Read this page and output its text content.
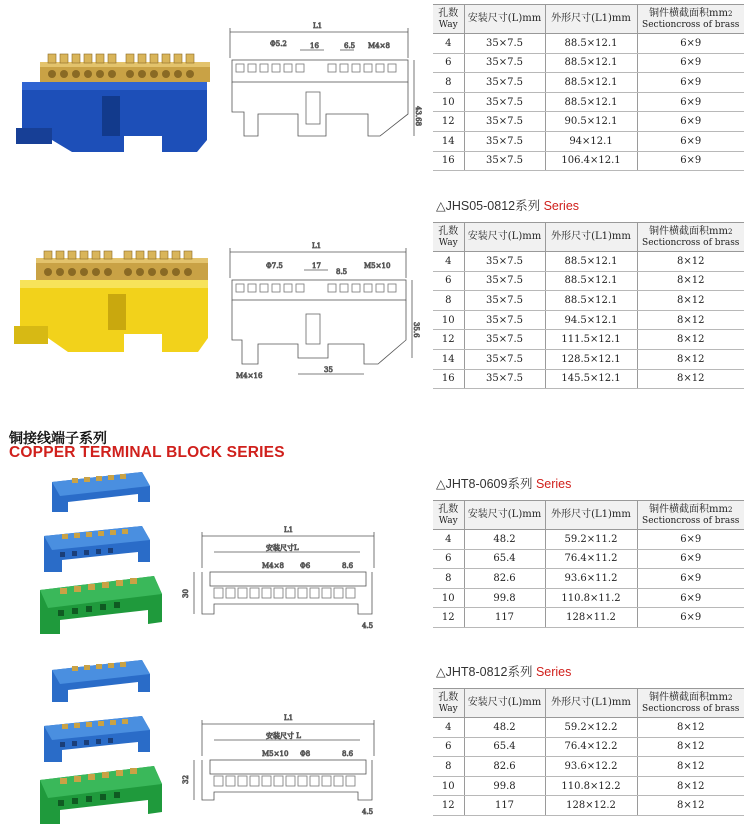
L1
Φ5.2	16	6.5 M4×8
43.68
L1
Φ7.5	17
8.5
M5×10
35.6
M4×16
35
L1
安装尺寸L
M4×8 Φ6	8.6
30
4.5
L1
安装尺寸 L
M5×10 Φ8	8.6
32
4.5
铜接线端子系列
COPPER TERMINAL BLOCK SERIES
△JHS05-0812系列 Series
△JHT8-0609系列 Series
△JHT8-0812系列 Series
孔数
Way	安装尺寸(L)mm	外形尺寸(L1)mm	铜件横截面积$mm^2$
Sectioncross of brass

4	35×7.5	88.5×12.1	6×9
6	35×7.5	88.5×12.1	6×9
8	35×7.5	88.5×12.1	6×9
10	35×7.5	88.5×12.1	6×9
12	35×7.5	90.5×12.1	6×9
14	35×7.5	94×12.1	6×9
16	35×7.5	106.4×12.1	6×9
孔数
Way	安装尺寸(L)mm	外形尺寸(L1)mm	铜件横截面积$mm^2$
Sectioncross of brass

4	35×7.5	88.5×12.1	8×12
6	35×7.5	88.5×12.1	8×12
8	35×7.5	88.5×12.1	8×12
10	35×7.5	94.5×12.1	8×12
12	35×7.5	111.5×12.1	8×12
14	35×7.5	128.5×12.1	8×12
16	35×7.5	145.5×12.1	8×12
孔数
Way	安装尺寸(L)mm	外形尺寸(L1)mm	铜件横截面积$mm^2$
Sectioncross of brass

4	48.2	59.2×11.2	6×9
6	65.4	76.4×11.2	6×9
8	82.6	93.6×11.2	6×9
10	99.8	110.8×11.2	6×9
12	117	128×11.2	6×9
孔数
Way	安装尺寸(L)mm	外形尺寸(L1)mm	铜件横截面积$mm^2$
Sectioncross of brass

4	48.2	59.2×12.2	8×12
6	65.4	76.4×12.2	8×12
8	82.6	93.6×12.2	8×12
10	99.8	110.8×12.2	8×12
12	117	128×12.2	8×12
